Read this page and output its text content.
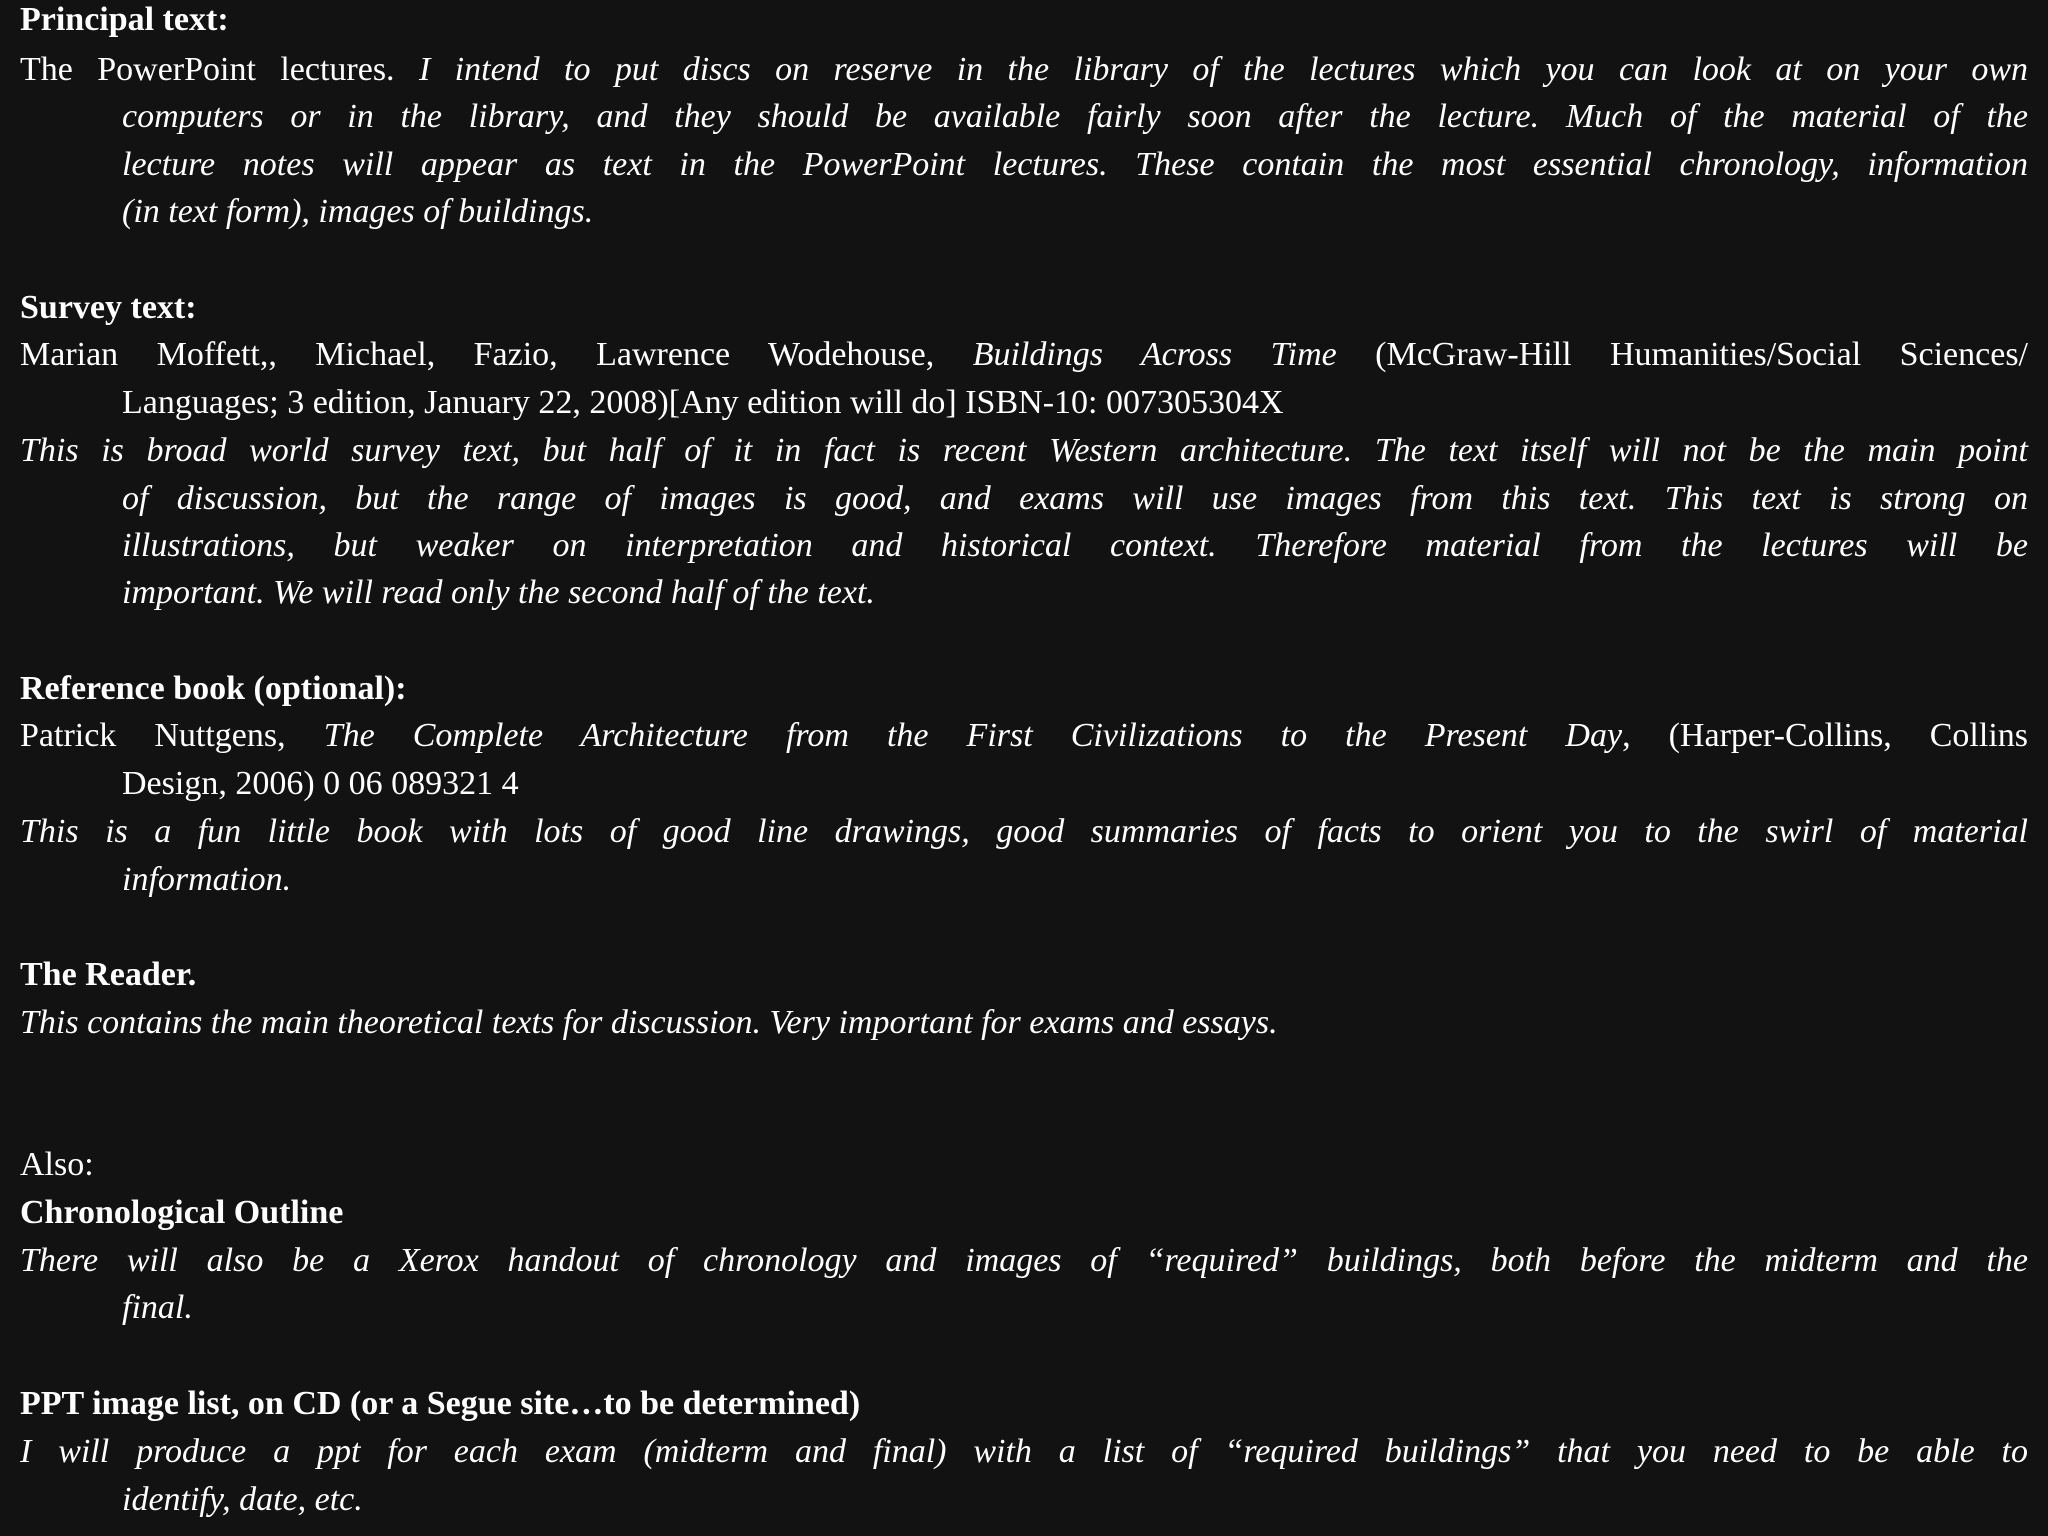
Principal text:
The PowerPoint lectures. I intend to put discs on reserve in the library of the lectures which you can look at on your own
computers or in the library, and they should be available fairly soon after the lecture. Much of the material of the
lecture notes will appear as text in the PowerPoint lectures. These contain the most essential chronology, information
(in text form), images of buildings.
Survey text:
Marian Moffett,, Michael, Fazio, Lawrence Wodehouse, Buildings Across Time (McGraw-Hill Humanities/Social Sciences/
Languages; 3 edition, January 22, 2008)[Any edition will do] ISBN-10: 007305304X
This is broad world survey text, but half of it in fact is recent Western architecture. The text itself will not be the main point
of discussion, but the range of images is good, and exams will use images from this text. This text is strong on
illustrations, but weaker on interpretation and historical context. Therefore material from the lectures will be
important. We will read only the second half of the text.
Reference book (optional):
Patrick Nuttgens, The Complete Architecture from the First Civilizations to the Present Day, (Harper-Collins, Collins
Design, 2006) 0 06 089321 4
This is a fun little book with lots of good line drawings, good summaries of facts to orient you to the swirl of material
information.
The Reader.
This contains the main theoretical texts for discussion. Very important for exams and essays.
Also:
Chronological Outline
There will also be a Xerox handout of chronology and images of “required” buildings, both before the midterm and the
final.
PPT image list, on CD (or a Segue site…to be determined)
I will produce a ppt for each exam (midterm and final) with a list of “required buildings” that you need to be able to
identify, date, etc.
